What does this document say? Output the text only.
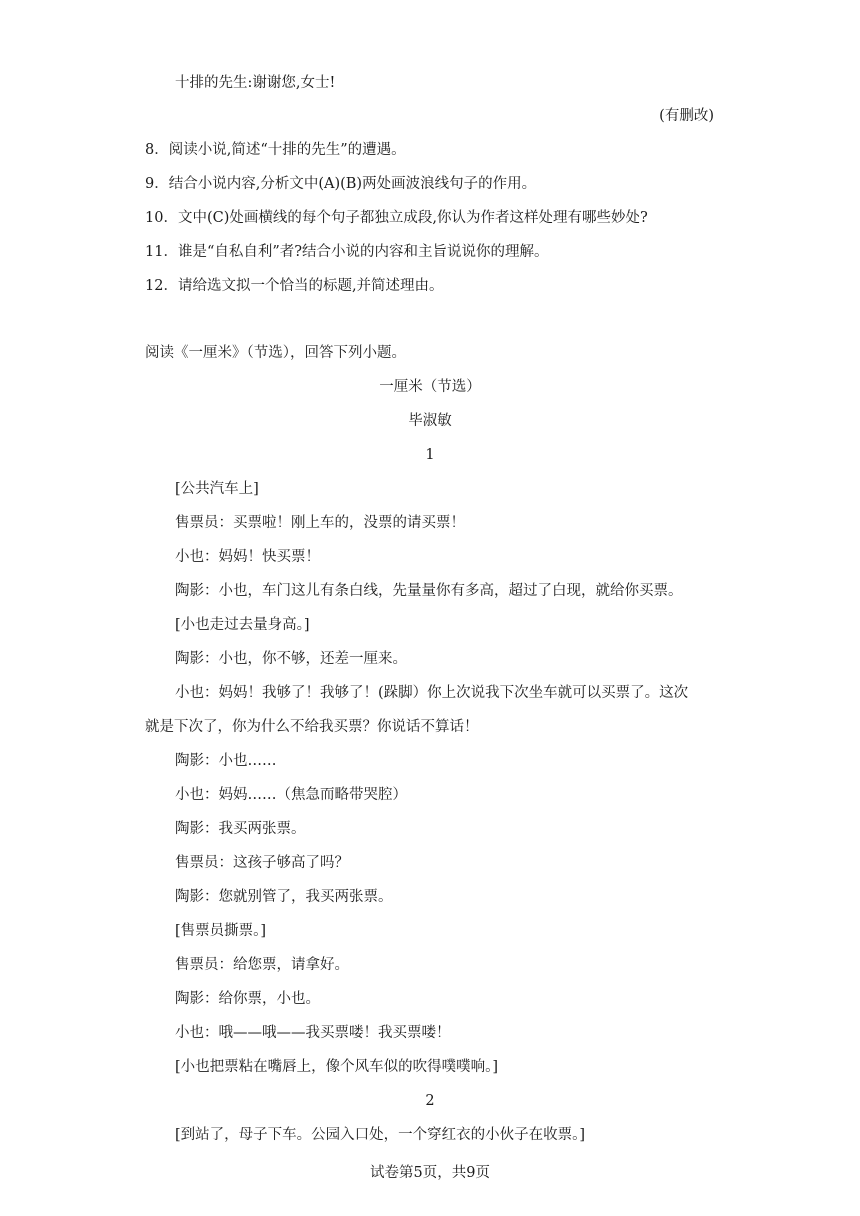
十排的先生:谢谢您,女士!
(有删改)
8．阅读小说,简述“十排的先生”的遭遇。
9．结合小说内容,分析文中(A)(B)两处画波浪线句子的作用。
10．文中(C)处画横线的每个句子都独立成段,你认为作者这样处理有哪些妙处?
11．谁是“自私自利”者?结合小说的内容和主旨说说你的理解。
12．请给选文拟一个恰当的标题,并简述理由。
阅读《一厘米》（节选），回答下列小题。
一厘米（节选）
毕淑敏
1
[公共汽车上]
售票员：买票啦！刚上车的，没票的请买票！
小也：妈妈！快买票！
陶影：小也，车门这儿有条白线，先量量你有多高，超过了白现，就给你买票。
[小也走过去量身高。]
陶影：小也，你不够，还差一厘来。
小也：妈妈！我够了！我够了！(跺脚）你上次说我下次坐车就可以买票了。这次
就是下次了，你为什么不给我买票？你说话不算话！
陶影：小也……
小也：妈妈……（焦急而略带哭腔）
陶影：我买两张票。
售票员：这孩子够高了吗？
陶影：您就别管了，我买两张票。
[售票员撕票。]
售票员：给您票，请拿好。
陶影：给你票，小也。
小也：哦——哦——我买票喽！我买票喽！
[小也把票粘在嘴唇上，像个风车似的吹得噗噗响。]
2
[到站了，母子下车。公园入口处，一个穿红衣的小伙子在收票。]
试卷第5页，共9页
